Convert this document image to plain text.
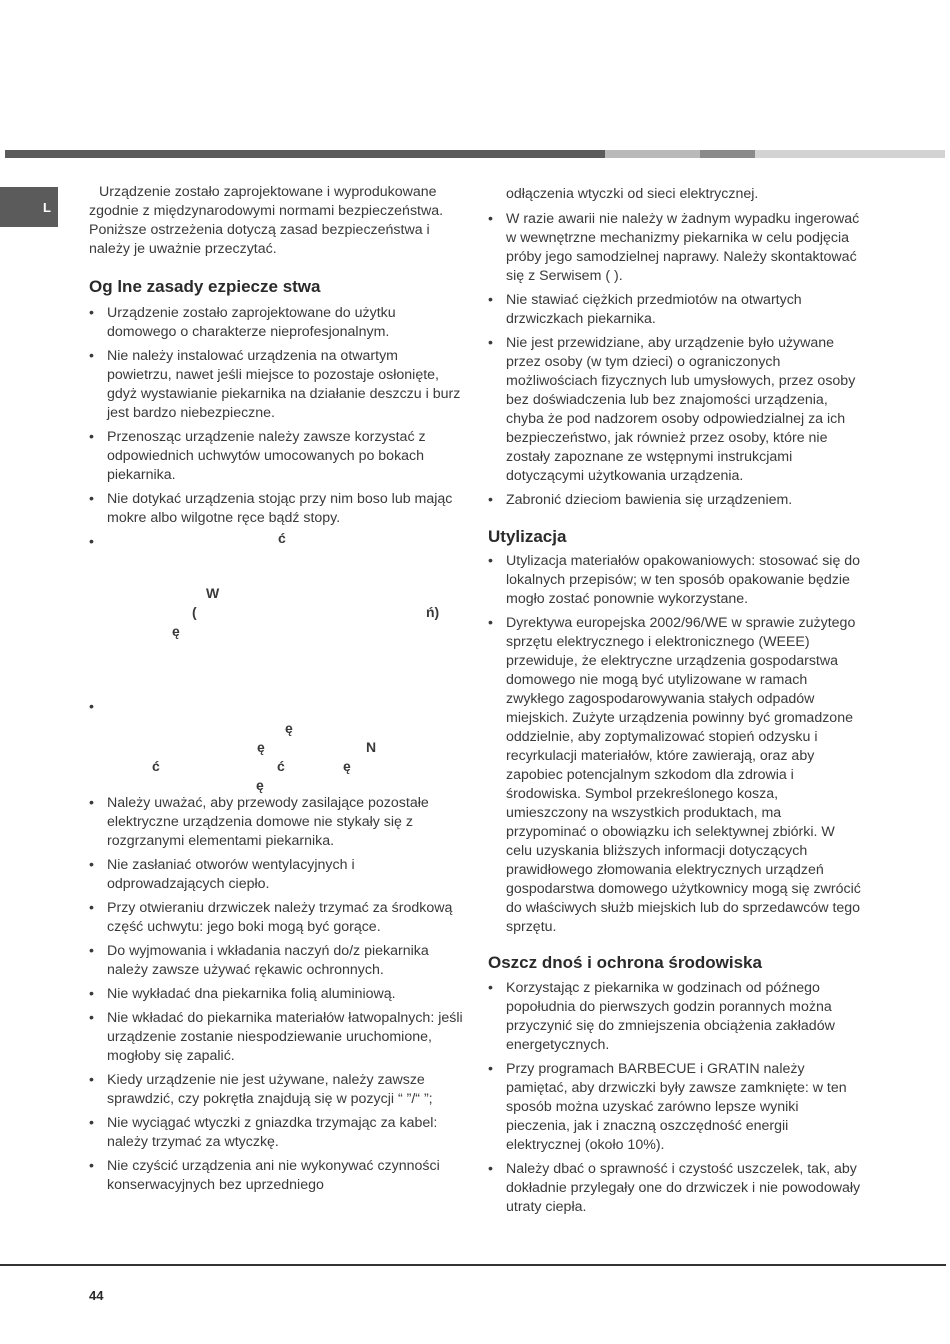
L

Urządzenie zostało zaprojektowane i wyprodukowane zgodnie z międzynarodowymi normami bezpieczeństwa. Poniższe ostrzeżenia dotyczą zasad bezpieczeństwa i należy je uważnie przeczytać.

Og lne zasady ezpiecze stwa
• Urządzenie zostało zaprojektowane do użytku domowego o charakterze nieprofesjonalnym.
• Nie należy instalować urządzenia na otwartym powietrzu, nawet jeśli miejsce to pozostaje osłonięte, gdyż wystawianie piekarnika na działanie deszczu i burz jest bardzo niebezpieczne.
• Przenosząc urządzenie należy zawsze korzystać z odpowiednich uchwytów umocowanych po bokach piekarnika.
• Nie dotykać urządzenia stojąc przy nim boso lub mając mokre albo wilgotne ręce bądź stopy.
•
•
• Należy uważać, aby przewody zasilające pozostałe elektryczne urządzenia domowe nie stykały się z rozgrzanymi elementami piekarnika.
• Nie zasłaniać otworów wentylacyjnych i odprowadzających ciepło.
• Przy otwieraniu drzwiczek należy trzymać za środkową część uchwytu: jego boki mogą być gorące.
• Do wyjmowania i wkładania naczyń do/z piekarnika należy zawsze używać rękawic ochronnych.
• Nie wykładać dna piekarnika folią aluminiową.
• Nie wkładać do piekarnika materiałów łatwopalnych: jeśli urządzenie zostanie niespodziewanie uruchomione, mogłoby się zapalić.
• Kiedy urządzenie nie jest używane, należy zawsze sprawdzić, czy pokrętła znajdują się w pozycji “ ”/“ ”;
• Nie wyciągać wtyczki z gniazdka trzymając za kabel: należy trzymać za wtyczkę.
• Nie czyścić urządzenia ani nie wykonywać czynności konserwacyjnych bez uprzedniego
ć
W
(	ń)
ę
ę
ę	N
ć	ć	ę
ę

odłączenia wtyczki od sieci elektrycznej.

• W razie awarii nie należy w żadnym wypadku ingerować w wewnętrzne mechanizmy piekarnika w celu podjęcia próby jego samodzielnej naprawy. Należy skontaktować się z Serwisem ( ).
• Nie stawiać ciężkich przedmiotów na otwartych drzwiczkach piekarnika.
• Nie jest przewidziane, aby urządzenie było używane przez osoby (w tym dzieci) o ograniczonych możliwościach fizycznych lub umysłowych, przez osoby bez doświadczenia lub bez znajomości urządzenia, chyba że pod nadzorem osoby odpowiedzialnej za ich bezpieczeństwo, jak również przez osoby, które nie zostały zapoznane ze wstępnymi instrukcjami dotyczącymi użytkowania urządzenia.
• Zabronić dzieciom bawienia się urządzeniem.
Utylizacja
• Utylizacja materiałów opakowaniowych: stosować się do lokalnych przepisów; w ten sposób opakowanie będzie mogło zostać ponownie wykorzystane.
• Dyrektywa europejska 2002/96/WE w sprawie zużytego sprzętu elektrycznego i elektronicznego (WEEE) przewiduje, że elektryczne urządzenia gospodarstwa domowego nie mogą być utylizowane w ramach zwykłego zagospodarowywania stałych odpadów miejskich. Zużyte urządzenia powinny być gromadzone oddzielnie, aby zoptymalizować stopień odzysku i recyrkulacji materiałów, które zawierają, oraz aby zapobiec potencjalnym szkodom dla zdrowia i środowiska. Symbol przekreślonego kosza, umieszczony na wszystkich produktach, ma przypominać o obowiązku ich selektywnej zbiórki. W celu uzyskania bliższych informacji dotyczących prawidłowego złomowania elektrycznych urządzeń gospodarstwa domowego użytkownicy mogą się zwrócić do właściwych służb miejskich lub do sprzedawców tego sprzętu.
Oszcz dnoś i ochrona środowiska
• Korzystając z piekarnika w godzinach od późnego popołudnia do pierwszych godzin porannych można przyczynić się do zmniejszenia obciążenia zakładów energetycznych.
• Przy programach BARBECUE i GRATIN należy pamiętać, aby drzwiczki były zawsze zamknięte: w ten sposób można uzyskać zarówno lepsze wyniki pieczenia, jak i znaczną oszczędność energii elektrycznej (około 10%).
• Należy dbać o sprawność i czystość uszczelek, tak, aby dokładnie przylegały one do drzwiczek i nie powodowały utraty ciepła.
44
